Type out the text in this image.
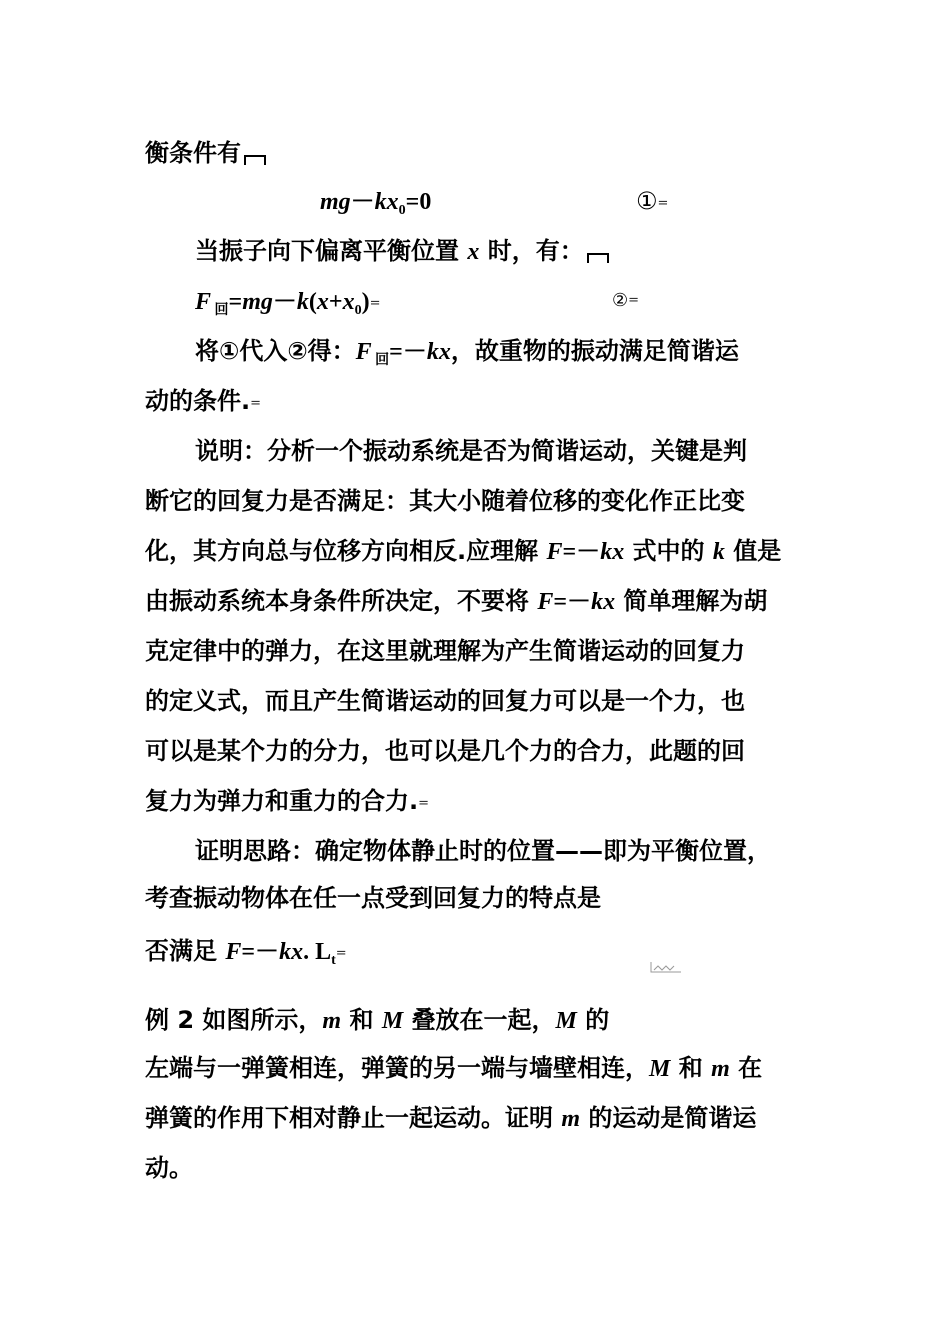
衡条件有
$mg-kx_0=0$	①=
当振子向下偏离平衡位置 x 时，有：
F $_回=mg-k(x+x_0)=$	②=
将①代入②得：F $_回$=－kx，故重物的振动满足简谐运
动的条件.=
说明：分析一个振动系统是否为简谐运动，关键是判
断它的回复力是否满足：其大小随着位移的变化作正比变
化，其方向总与位移方向相反.应理解 F=－kx 式中的 k 值是
由振动系统本身条件所决定，不要将 F=－kx 简单理解为胡
克定律中的弹力，在这里就理解为产生简谐运动的回复力
的定义式，而且产生简谐运动的回复力可以是一个力，也
可以是某个力的分力，也可以是几个力的合力，此题的回
复力为弹力和重力的合力.=
证明思路：确定物体静止时的位置——即为平衡位置，
考查振动物体在任一点受到回复力的特点是
否满足 F=－kx. $L_t=$
例 2 如图所示，m 和 M 叠放在一起，M 的
左端与一弹簧相连，弹簧的另一端与墙壁相连，M 和 m 在
弹簧的作用下相对静止一起运动。证明 m 的运动是简谐运
动。
